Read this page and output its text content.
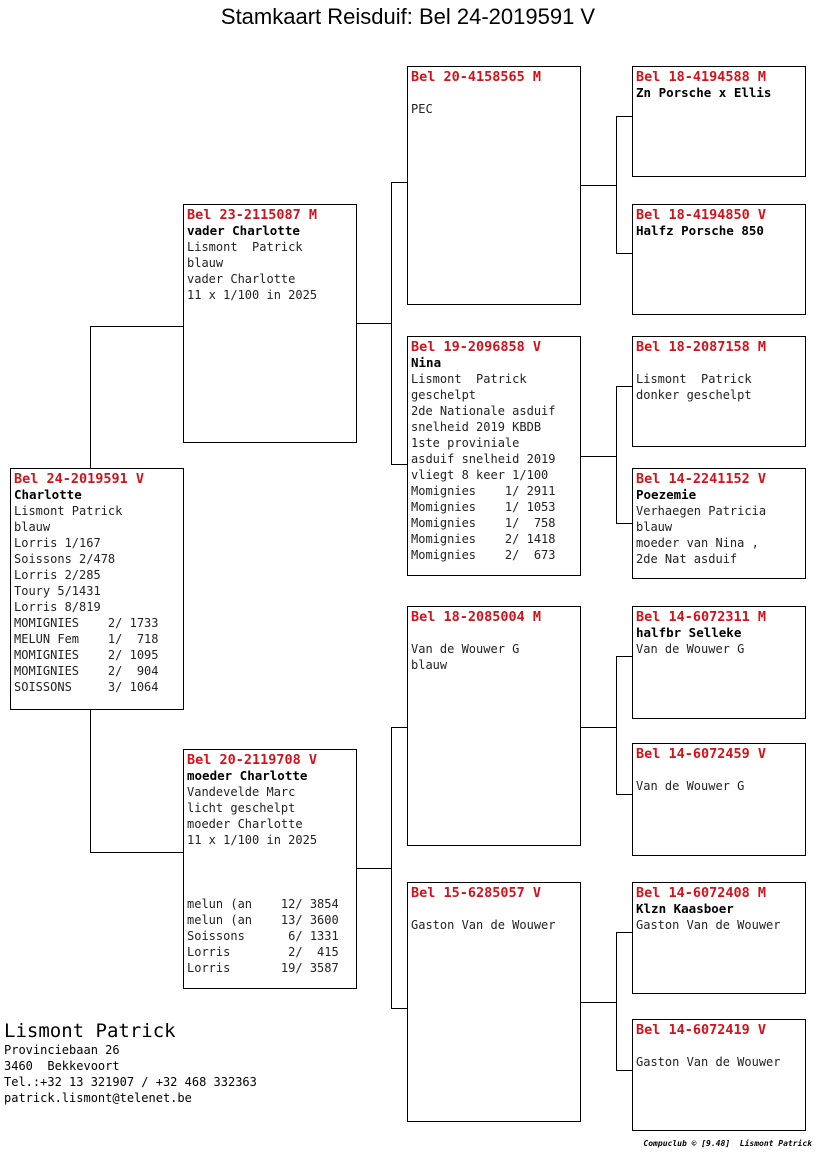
Stamkaart Reisduif: Bel 24-2019591 V
Bel 24-2019591 V
Charlotte
Lismont Patrick
blauw
Lorris 1/167
Soissons 2/478
Lorris 2/285
Toury 5/1431
Lorris 8/819
MOMIGNIES    2/ 1733
MELUN Fem    1/  718
MOMIGNIES    2/ 1095
MOMIGNIES    2/  904
SOISSONS     3/ 1064
Bel 23-2115087 M
vader Charlotte
Lismont  Patrick
blauw
vader Charlotte
11 x 1/100 in 2025
Bel 20-2119708 V
moeder Charlotte
Vandevelde Marc
licht geschelpt
moeder Charlotte
11 x 1/100 in 2025
melun (an    12/ 3854
melun (an    13/ 3600
Soissons      6/ 1331
Lorris        2/  415
Lorris       19/ 3587
Bel 20-4158565 M
PEC
Bel 19-2096858 V
Nina
Lismont  Patrick
geschelpt
2de Nationale asduif
snelheid 2019 KBDB
1ste proviniale
asduif snelheid 2019
vliegt 8 keer 1/100
Momignies    1/ 2911
Momignies    1/ 1053
Momignies    1/  758
Momignies    2/ 1418
Momignies    2/  673
Bel 18-2085004 M
Van de Wouwer G
blauw
Bel 15-6285057 V
Gaston Van de Wouwer
Bel 18-4194588 M
Zn Porsche x Ellis
Bel 18-4194850 V
Halfz Porsche 850
Bel 18-2087158 M
Lismont  Patrick
donker geschelpt
Bel 14-2241152 V
Poezemie
Verhaegen Patricia
blauw
moeder van Nina ,
2de Nat asduif
Bel 14-6072311 M
halfbr Selleke
Van de Wouwer G
Bel 14-6072459 V
Van de Wouwer G
Bel 14-6072408 M
Klzn Kaasboer
Gaston Van de Wouwer
Bel 14-6072419 V
Gaston Van de Wouwer
Lismont Patrick
Provinciebaan 26
3460  Bekkevoort
Tel.:+32 13 321907 / +32 468 332363
patrick.lismont@telenet.be
Compuclub © [9.48]  Lismont Patrick
